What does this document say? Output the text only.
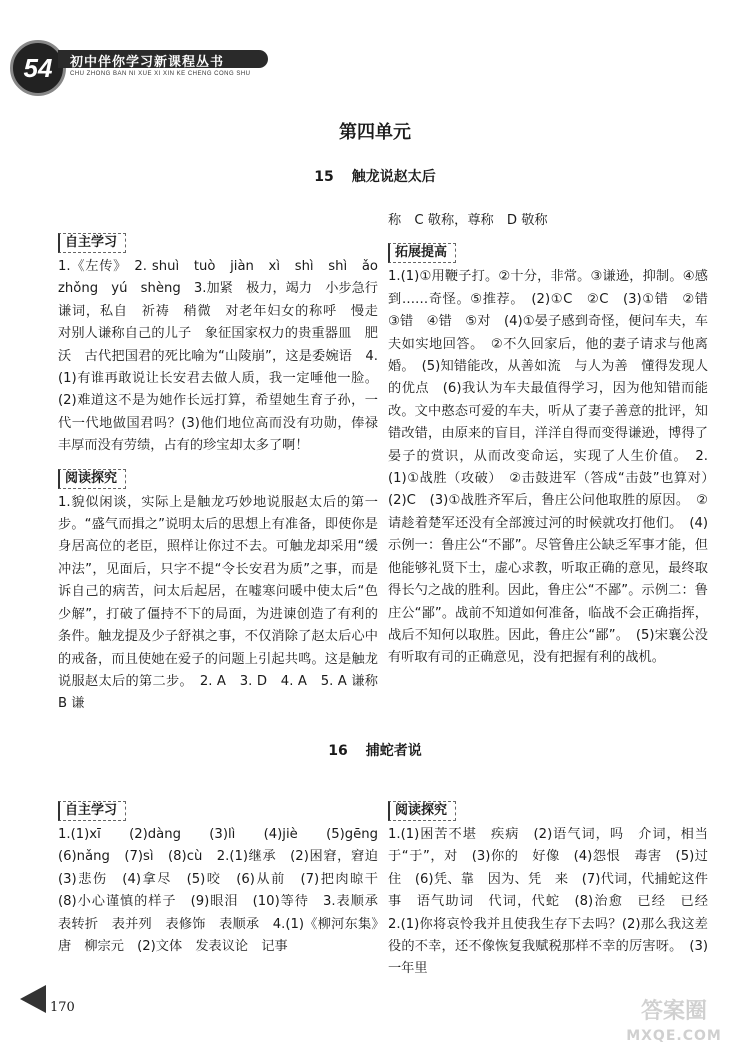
54	初中伴你学习新课程丛书
CHU ZHONG BAN NI XUE XI XIN KE CHENG CONG SHU
第四单元
15 触龙说赵太后
自主学习

1.《左传》　2. shuì　tuò　jiàn　xì　shì　shì　ǎo　zhǒng　yú　shèng　3.加紧　极力，竭力　小步急行　谦词，私自　祈祷　稍微　对老年妇女的称呼　慢走　对别人谦称自己的儿子　象征国家权力的贵重器皿　肥沃　古代把国君的死比喻为“山陵崩”，这是委婉语　4.(1)有谁再敢说让长安君去做人质，我一定唾他一脸。(2)难道这不是为她作长远打算，希望她生育子孙，一代一代地做国君吗？(3)他们地位高而没有功勋，俸禄丰厚而没有劳绩，占有的珍宝却太多了啊！

阅读探究

1.貌似闲谈，实际上是触龙巧妙地说服赵太后的第一步。“盛气而揖之”说明太后的思想上有准备，即使你是身居高位的老臣，照样让你过不去。可触龙却采用“缓冲法”，见面后，只字不提“令长安君为质”之事，而是诉自己的病苦，问太后起居，在嘘寒问暖中使太后“色少解”，打破了僵持不下的局面，为进谏创造了有利的条件。触龙提及少子舒祺之事，不仅消除了赵太后心中的戒备，而且使她在爱子的问题上引起共鸣。这是触龙说服赵太后的第二步。　2. A　3. D　4. A　5. A 谦称　B 谦

称　C 敬称，尊称　D 敬称

拓展提高

1.(1)①用鞭子打。②十分，非常。③谦逊，抑制。④感到……奇怪。⑤推荐。　(2)①C　②C　(3)①错　②错　③错　④错　⑤对　(4)①晏子感到奇怪，便问车夫，车夫如实地回答。　②不久回家后，他的妻子请求与他离婚。　(5)知错能改，从善如流　与人为善　懂得发现人的优点　(6)我认为车夫最值得学习，因为他知错而能改。文中憨态可爱的车夫，听从了妻子善意的批评，知错改错，由原来的盲目，洋洋自得而变得谦逊，博得了晏子的赏识，从而改变命运，实现了人生价值。　2.(1)①战胜（攻破）　②击鼓进军（答成“击鼓”也算对）　(2)C　(3)①战胜齐军后，鲁庄公问他取胜的原因。　②请趁着楚军还没有全部渡过河的时候就攻打他们。　(4)示例一：鲁庄公“不鄙”。尽管鲁庄公缺乏军事才能，但他能够礼贤下士，虚心求教，听取正确的意见，最终取得长勺之战的胜利。因此，鲁庄公“不鄙”。示例二：鲁庄公“鄙”。战前不知道如何准备，临战不会正确指挥，战后不知何以取胜。因此，鲁庄公“鄙”。　(5)宋襄公没有听取有司的正确意见，没有把握有利的战机。

16 捕蛇者说
自主学习

1.(1)xī　(2)dàng　(3)lì　(4)jiè　(5)gēng　(6)nǎng　(7)sì　(8)cù　2.(1)继承　(2)困窘，窘迫　(3)悲伤　(4)拿尽　(5)咬　(6)从前　(7)把肉晾干　(8)小心谨慎的样子　(9)眼泪　(10)等待　3.表顺承　表转折　表并列　表修饰　表顺承　4.(1)《柳河东集》　唐　柳宗元　(2)文体　发表议论　记事

阅读探究

1.(1)困苦不堪　疾病　(2)语气词，吗　介词，相当于“于”，对　(3)你的　好像　(4)怨恨　毒害　(5)过　住　(6)凭、靠　因为、凭　来　(7)代词，代捕蛇这件事　语气助词　代词，代蛇　(8)治愈　已经　已经　2.(1)你将哀怜我并且使我生存下去吗？(2)那么我这差役的不幸，还不像恢复我赋税那样不幸的厉害呀。　(3)一年里

170	答案圈
MXQE.COM
